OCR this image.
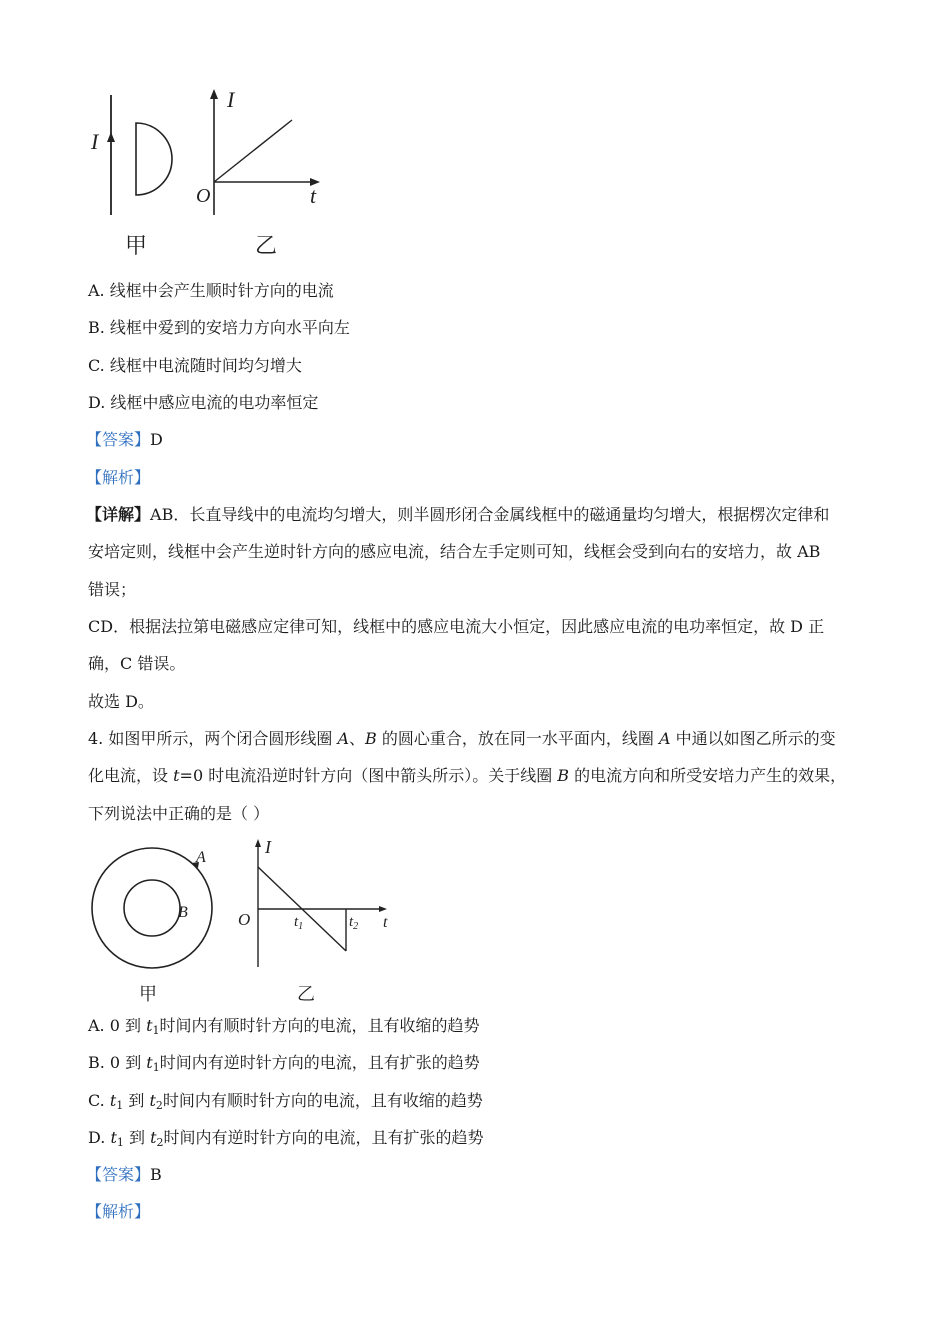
I
I
t
O
甲	乙
A. 线框中会产生顺时针方向的电流
B. 线框中爱到的安培力方向水平向左
C. 线框中电流随时间均匀增大
D. 线框中感应电流的电功率恒定
【答案】D
【解析】
【详解】AB．长直导线中的电流均匀增大，则半圆形闭合金属线框中的磁通量均匀增大，根据楞次定律和
安培定则，线框中会产生逆时针方向的感应电流，结合左手定则可知，线框会受到向右的安培力，故 AB
错误；
CD．根据法拉第电磁感应定律可知，线框中的感应电流大小恒定，因此感应电流的电功率恒定，故 D 正
确，C 错误。
故选 D。
4. 如图甲所示，两个闭合圆形线圈 A、B 的圆心重合，放在同一水平面内，线圈 A 中通以如图乙所示的变
化电流，设 t=0 时电流沿逆时针方向（图中箭头所示）。关于线圈 B 的电流方向和所受安培力产生的效果，
下列说法中正确的是（ ）
A
B
I
t
O	$t_1$	$t_2$
甲	乙
A. 0 到 $t_1$时间内有顺时针方向的电流，且有收缩的趋势
B. 0 到 $t_1$时间内有逆时针方向的电流，且有扩张的趋势
C. $t_1$ 到 $t_2$时间内有顺时针方向的电流，且有收缩的趋势
D. $t_1$ 到 $t_2$时间内有逆时针方向的电流，且有扩张的趋势
【答案】B
【解析】
